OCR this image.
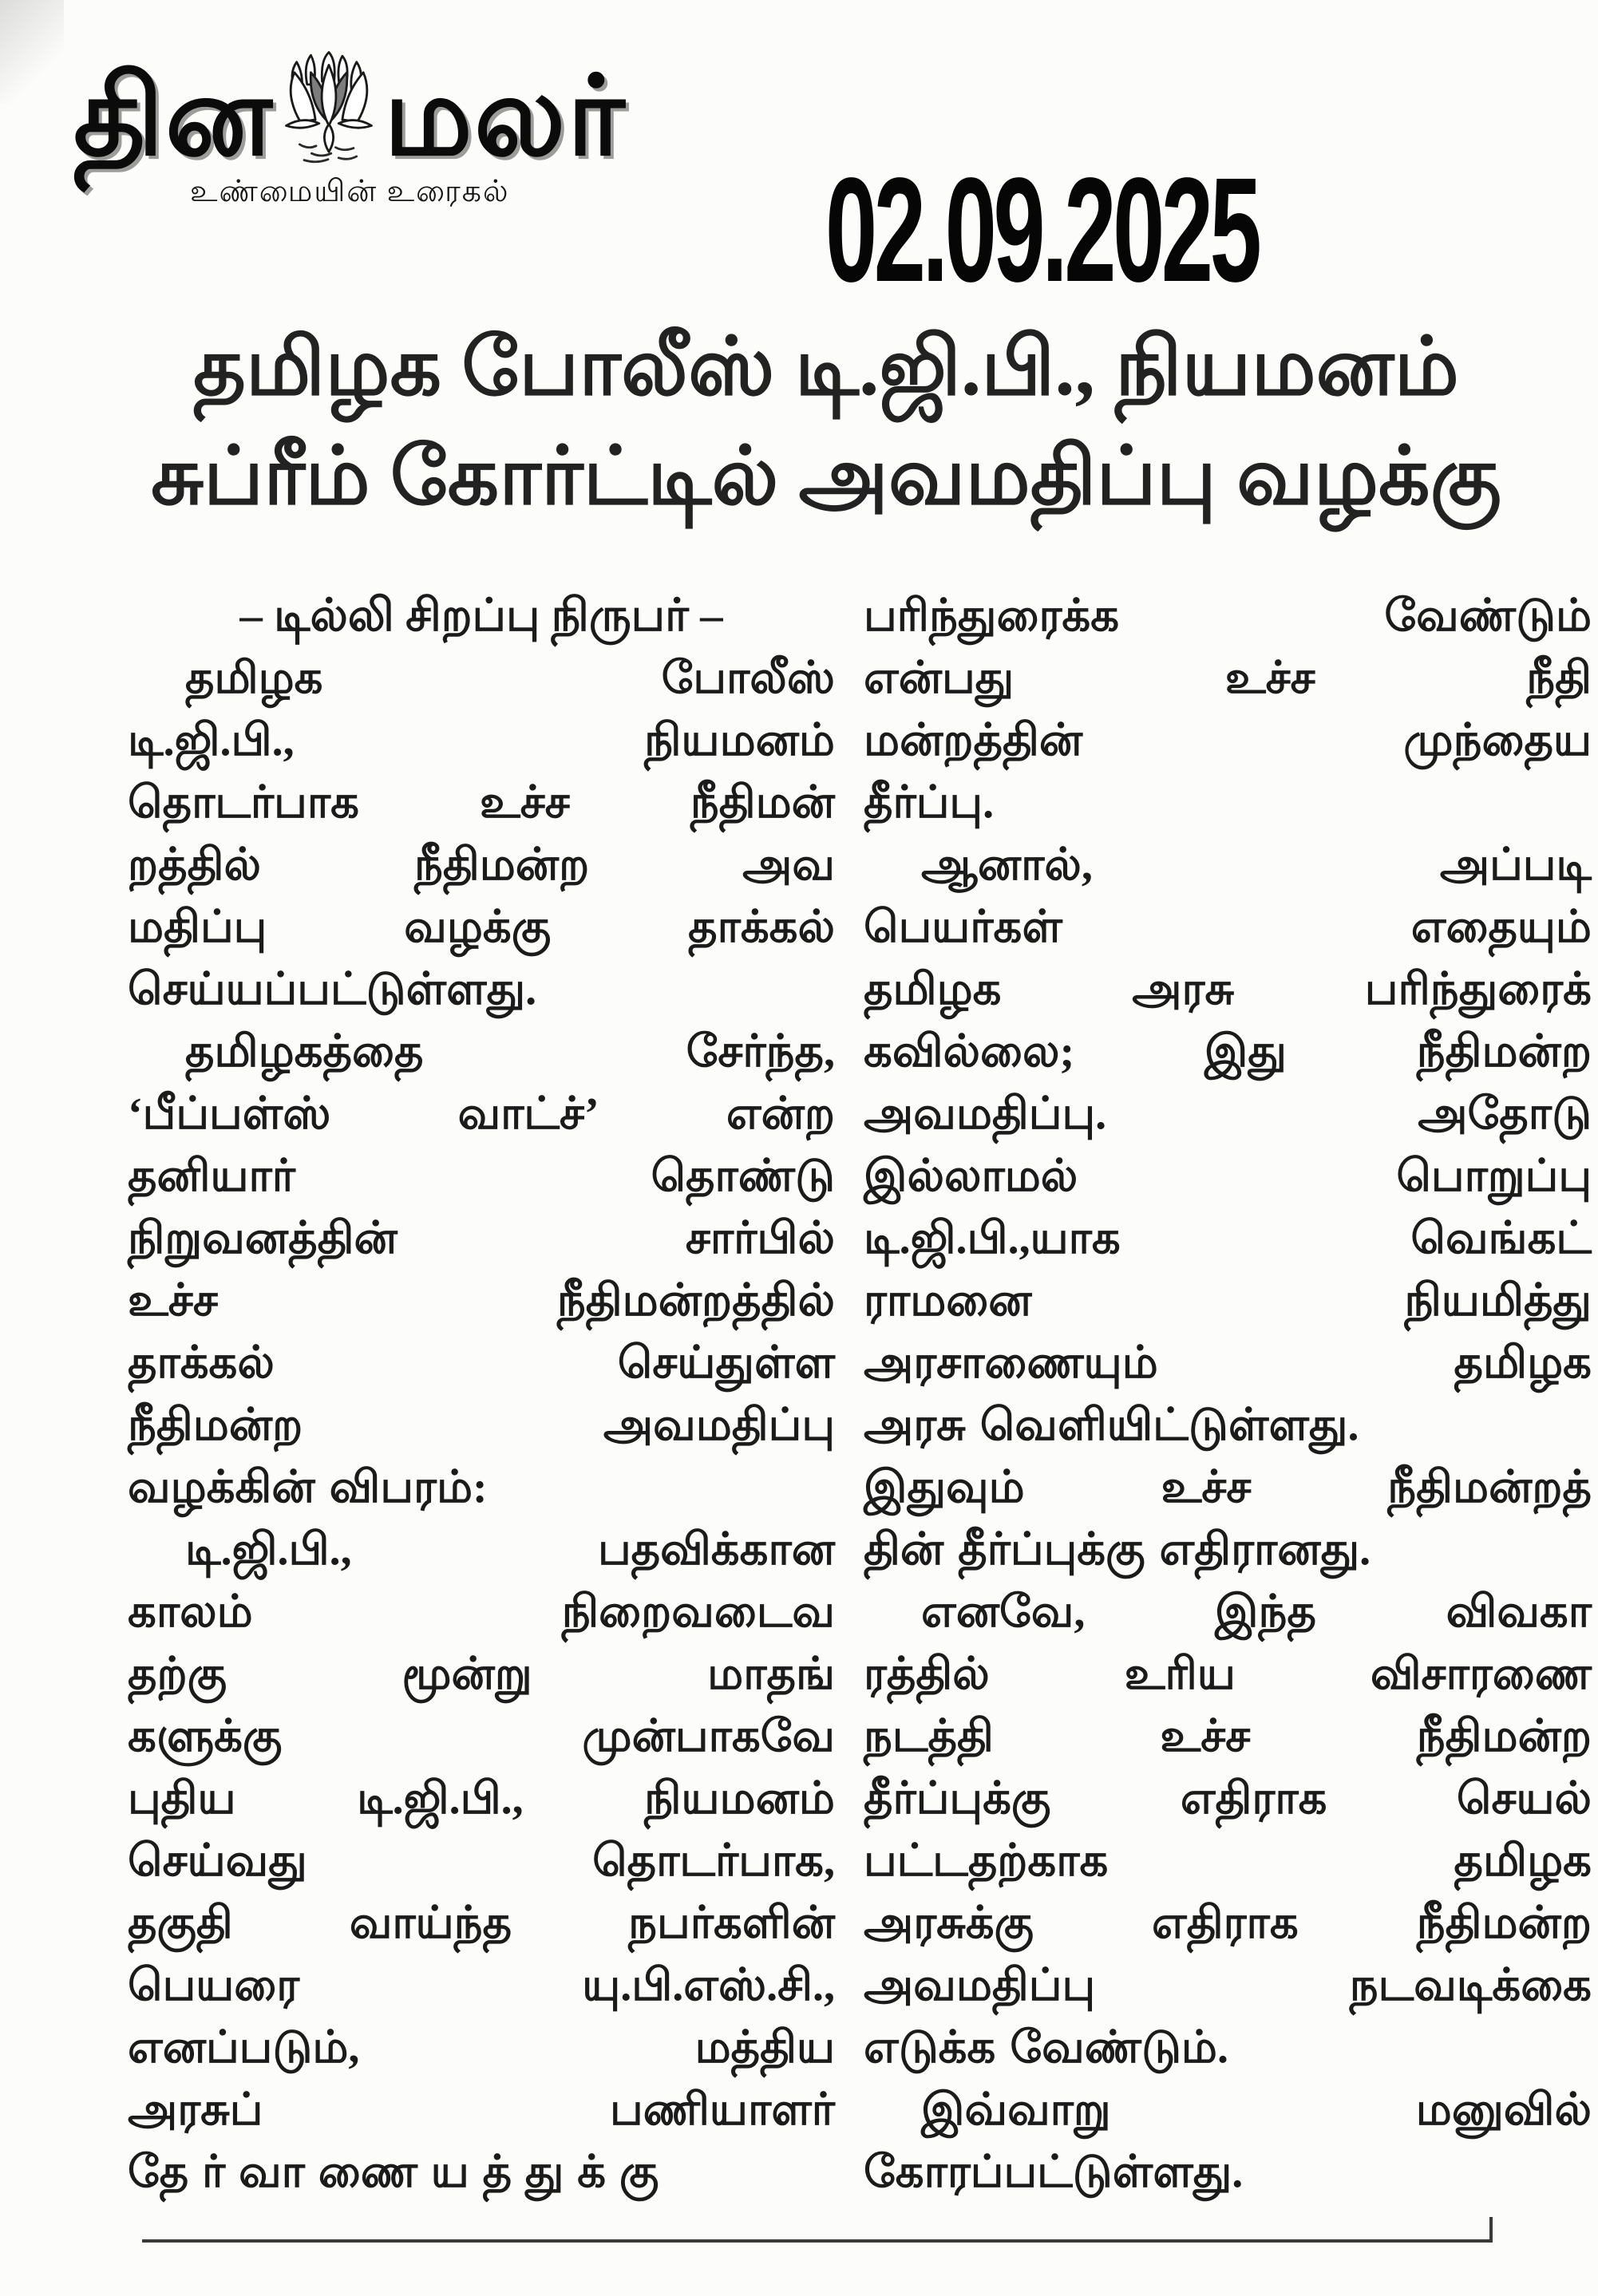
தின மலர்
உண்மையின் உரைகல்	02.09.2025
தமிழக போலீஸ் டி.ஜி.பி., நியமனம்
சுப்ரீம் கோர்ட்டில் அவமதிப்பு வழக்கு
– டில்லி சிறப்பு நிருபர் –
தமிழக	போலீஸ்
டி.ஜி.பி.,	நியமனம்
தொடர்பாக	உச்ச	நீதிமன்
றத்தில்	நீதிமன்ற	அவ
மதிப்பு	வழக்கு	தாக்கல்
செய்யப்பட்டுள்ளது.
தமிழகத்தை	சேர்ந்த,
‘பீப்பள்ஸ்	வாட்ச்’	என்ற
தனியார்	தொண்டு
நிறுவனத்தின்	சார்பில்
உச்ச	நீதிமன்றத்தில்
தாக்கல்	செய்துள்ள
நீதிமன்ற	அவமதிப்பு
வழக்கின் விபரம்:
டி.ஜி.பி.,	பதவிக்கான
காலம்	நிறைவடைவ
தற்கு	மூன்று	மாதங்
களுக்கு	முன்பாகவே
புதிய	டி.ஜி.பி.,	நியமனம்
செய்வது	தொடர்பாக,
தகுதி	வாய்ந்த	நபர்களின்
பெயரை	யு.பி.எஸ்.சி.,
எனப்படும்,	மத்திய
அரசுப்	பணியாளர்
தேர்வாணையத்துக்கு
பரிந்துரைக்க	வேண்டும்
என்பது	உச்ச	நீதி
மன்றத்தின்	முந்தைய
தீர்ப்பு.
ஆனால்,	அப்படி
பெயர்கள்	எதையும்
தமிழக	அரசு	பரிந்துரைக்
கவில்லை;	இது	நீதிமன்ற
அவமதிப்பு.	அதோடு
இல்லாமல்	பொறுப்பு
டி.ஜி.பி.,யாக	வெங்கட்
ராமனை	நியமித்து
அரசாணையும்	தமிழக
அரசு வெளியிட்டுள்ளது.
இதுவும்	உச்ச	நீதிமன்றத்
தின் தீர்ப்புக்கு எதிரானது.
எனவே,	இந்த	விவகா
ரத்தில்	உரிய	விசாரணை
நடத்தி	உச்ச	நீதிமன்ற
தீர்ப்புக்கு	எதிராக	செயல்
பட்டதற்காக	தமிழக
அரசுக்கு	எதிராக	நீதிமன்ற
அவமதிப்பு	நடவடிக்கை
எடுக்க வேண்டும்.
இவ்வாறு	மனுவில்
கோரப்பட்டுள்ளது.
